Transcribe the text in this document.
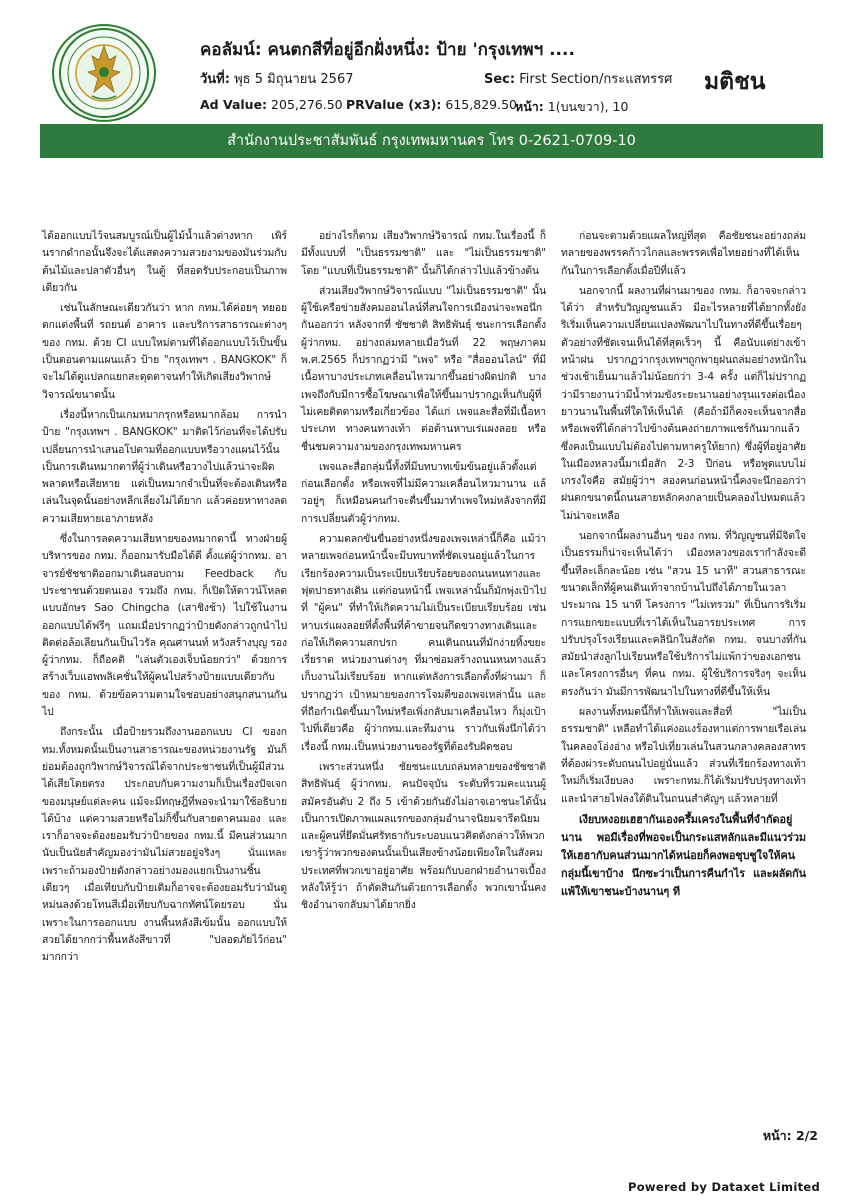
คอลัมน์: คนตกสีที่อยู่อีกฝั่งหนึ่ง: ป้าย 'กรุงเทพฯ ....
วันที่: พุธ 5 มิถุนายน 2567	Sec: First Section/กระแสทรรศ
Ad Value: 205,276.50 PRValue (x3): 615,829.50
หน้า: 1(บนขวา), 10
มติชน
สำนักงานประชาสัมพันธ์ กรุงเทพมหานคร โทร 0-2621-0709-10

ได้ออกแบบไว้จนสมบูรณ์เป็นผู้ไม้น้ำแล้วต่างหาก เพิร์นรากดำกอนั้นจึงจะได้แสดงความสวยงามของมันร่วมกับต้นไม้และปลาตัวอื่นๆ ในตู้ ที่สอดรับประกอบเป็นภาพเดียวกัน

เช่นในลักษณะเดียวกันว่า หาก กทม.ได้ค่อยๆ ทยอยตกแต่งพื้นที่ รถยนต์ อาคาร และบริการสาธารณะต่างๆ ของ กทม. ด้วย CI แบบใหม่ตามที่ได้ออกแบบไว้เป็นขั้นเป็นตอนตามแผนแล้ว ป้าย "กรุงเทพฯ . BANGKOK" ก็จะไม่ได้ดูแปลกแยกสะดุดตาจนทำให้เกิดเสียงวิพากษ์วิจารณ์ขนาดนั้น

เรื่องนี้หากเป็นเกมหมากรุกหรือหมากล้อม การนำป้าย "กรุงเทพฯ . BANGKOK" มาติดไว้ก่อนที่จะได้ปรับเปลี่ยนการนำเสนอโปตามที่ออกแบบหรือวางแผนไว้นั้น เป็นการเดินหมากตาที่ผู้ว่าเดินหรือวางไปแล้วน่าจะผิดพลาดหรือเสียหาย แต่เป็นหมากจำเป็นที่จะต้องเดินหรือเล่นในจุดนั้นอย่างหลีกเลี่ยงไม่ได้ยาก แล้วค่อยหาทางลดความเสียหายเอาภายหลัง

ซึ่งในการลดความเสียหายของหมากตานี้ ทางฝ่ายผู้บริหารของ กทม. ก็ออกมารับมือได้ดี ตั้งแต่ผู้ว่ากทม. อาจารย์ชัชชาติออกมาเดินสอบถาม Feedback กับประชาชนด้วยตนเอง รวมถึง กทม. ก็เปิดให้ดาวน์โหลดแบบอักษร Sao Chingcha (เสาชิงช้า) ไปใช้ในงานออกแบบได้ฟรีๆ แถมเมื่อปรากฏว่าป้ายดังกล่าวถูกนำไปติดต่อล้อเลียนกันเป็นไวรัล คุณศานนท์ หวังสร้างบุญ รองผู้ว่ากทม. ก็ถือคติ "เล่นตัวเองเจ็บน้อยกว่า" ด้วยการสร้างเว็บแอพพลิเคชั่นให้ผู้คนไปสร้างป้ายแบบเดียวกับของ กทม. ด้วยข้อความตามใจชอบอย่างสนุกสนานกันไป

ถึงกระนั้น เมื่อป้ายรวมถึงงานออกแบบ CI ของกทม.ทั้งหมดนั้นเป็นงานสาธารณะของหน่วยงานรัฐ มันก็ย่อมต้องถูกวิพากษ์วิจารณ์ได้จากประชาชนที่เป็นผู้มีส่วนได้เสียโดยตรง ประกอบกับความงามก็เป็นเรื่องปัจเจกของมนุษย์แต่ละคน แม้จะมีทฤษฎีที่พอจะนำมาใช้อธิบายได้บ้าง แต่ความสวยหรือไม่ก็ขึ้นกับสายตาคนมอง และเราก็อาจจะต้องยอมรับว่าป้ายของ กทม.นี้ มีคนส่วนมากนับเป็นนัยสำคัญมองว่ามันไม่สวยอยู่จริงๆ นั่นแหละ เพราะถ้ามองป้ายดังกล่าวอย่างมองแยกเป็นงานชิ้นเดียวๆ เมื่อเทียบกับป้ายเดิมก็อาจจะต้องยอมรับว่ามันดูหม่นลงด้วยโทนสีเมื่อเทียบกับฉากทัศน์โดยรอบ นั่นเพราะในการออกแบบ งานพื้นหลังสีเข้มนั้น ออกแบบให้สวยได้ยากกว่าพื้นหลังสีขาวที่ "ปลอดภัยไว้ก่อน" มากกว่า

อย่างไรก็ตาม เสียงวิพากษ์วิจารณ์ กทม.ในเรื่องนี้ ก็มีทั้งแบบที่ "เป็นธรรมชาติ" และ "ไม่เป็นธรรมชาติ" โดย "แบบที่เป็นธรรมชาติ" นั้นก็ได้กล่าวไปแล้วข้างต้น

ส่วนเสียงวิพากษ์วิจารณ์แบบ "ไม่เป็นธรรมชาติ" นั้น ผู้ใช้เครือข่ายสังคมออนไลน์ที่สนใจการเมืองน่าจะพอนึกกันออกว่า หลังจากที่ ชัชชาติ สิทธิพันธุ์ ชนะการเลือกตั้งผู้ว่ากทม. อย่างถล่มทลายเมื่อวันที่ 22 พฤษภาคม พ.ศ.2565 ก็ปรากฏว่ามี "เพจ" หรือ "สื่อออนไลน์" ที่มีเนื้อหาบางประเภทเคลื่อนไหวมากขึ้นอย่างผิดปกติ บางเพจถึงกับมีการซื้อโฆษณาเพื่อให้ขึ้นมาปรากฏเห็นกับผู้ที่ไม่เคยติดตามหรือเกี่ยวข้อง ได้แก่ เพจและสื่อที่มีเนื้อหาประเภท ทางคนทางเท้า ต่อต้านหาบเร่แผงลอย หรือชื่นชมความงามของกรุงเทพมหานคร

เพจและสื่อกลุ่มนี้ทั้งที่มีบทบาทเข้มข้นอยู่แล้วตั้งแต่ก่อนเลือกตั้ง หรือเพจที่ไม่มีความเคลื่อนไหวมานาน แล้วอยู่ๆ ก็เหมือนคนกำจะตื่นขึ้นมาทำเพจใหม่หลังจากที่มีการเปลี่ยนตัวผู้ว่ากทม.

ความตลกขันขื่นอย่างหนึ่งของเพจเหล่านี้ก็คือ แม้ว่าหลายเพจก่อนหน้านี้จะมีบทบาทที่ชัดเจนอยู่แล้วในการเรียกร้องความเป็นระเบียบเรียบร้อยของถนนหนทางและฟุตปาธทางเดิน แต่ก่อนหน้านี้ เพจเหล่านั้นก็มักพุ่งเป้าไปที่ "ผู้คน" ที่ทำให้เกิดความไม่เป็นระเบียบเรียบร้อย เช่นหาบเร่แผงลอยที่ตั้งพื้นที่ค้าขายจนกีดขวางทางเดินและก่อให้เกิดความสกปรก คนเดินถนนที่มักง่ายทิ้งขยะเรี่ยราด หน่วยงานต่างๆ ที่มาซ่อมสร้างถนนหนทางแล้วเก็บงานไม่เรียบร้อย หากแต่หลังการเลือกตั้งที่ผ่านมา ก็ปรากฏว่า เป้าหมายของการโจมตีของเพจเหล่านั้น และที่ถือกำเนิดขึ้นมาใหม่หรือเพิ่งกลับมาเคลื่อนไหว ก็มุ่งเป้าไปที่เดียวคือ ผู้ว่ากทม.และทีมงาน ราวกับเพิ่งนึกได้ว่า เรื่องนี้ กทม.เป็นหน่วยงานของรัฐที่ต้องรับผิดชอบ

เพราะส่วนหนึ่ง ชัยชนะแบบถล่มทลายของชัชชาติ สิทธิพันธุ์ ผู้ว่ากทม. คนปัจจุบัน ระดับที่รวมคะแนนผู้สมัครอันดับ 2 ถึง 5 เข้าด้วยกันยังไม่อาจเอาชนะได้นั้น เป็นการเปิดภาพแผลแรกของกลุ่มอำนาจนิยมจารีตนิยม และผู้คนที่ยึดมั่นศรัทธากับระบอบแนวคิดดังกล่าวให้พวกเขารู้ว่าพวกของตนนั้นเป็นเสียงข้างน้อยเพียงใดในสังคมประเทศที่พวกเขาอยู่อาศัย พร้อมกับบอกฝ่ายอำนาจเบื้องหลังให้รู้ว่า ถ้าตัดสินกันด้วยการเลือกตั้ง พวกเขานั้นคงชิงอำนาจกลับมาได้ยากยิ่ง

ก่อนจะตามด้วยแผลใหญ่ที่สุด คือชัยชนะอย่างถล่มทลายของพรรคก้าวไกลและพรรคเพื่อไทยอย่างที่ได้เห็นกันในการเลือกตั้งเมื่อปีที่แล้ว

นอกจากนี้ ผลงานที่ผ่านมาของ กทม. ก็อาจจะกล่าวได้ว่า สำหรับวิญญูชนแล้ว มีอะไรหลายที่ได้ยากทั้งยังริเริ่มเห็นความเปลี่ยนแปลงพัฒนาไปในทางที่ดีขึ้นเรื่อยๆ ตัวอย่างที่ชัดเจนเห็นได้ที่สุดเร็วๆ นี้ คือนับแต่ย่างเข้าหน้าฝน ปรากฏว่ากรุงเทพฯถูกพายุฝนถล่มอย่างหนักในช่วงเช้าเย็นมาแล้วไม่น้อยกว่า 3-4 ครั้ง แต่ก็ไม่ปรากฏว่ามีรายงานว่ามีน้ำท่วมขังระยะนานอย่างรุนแรงต่อเนื่องยาวนานในพื้นที่ใดให้เห็นได้ (คือถ้ามีก็คงจะเห็นจากสื่อหรือเพจที่ได้กล่าวไปข้างต้นคงถ่ายภาพแชร์กันมากแล้ว ซึ่งคงเป็นแบบไม่ต้องไปตามหาครูให้ยาก) ซึ่งผู้ที่อยู่อาศัยในเมืองหลวงนี้มาเมื่อสัก 2-3 ปีก่อน หรือพูดแบบไม่เกรงใจคือ สมัยผู้ว่าฯ สองคนก่อนหน้านี้คงจะนึกออกว่าฝนตกขนาดนี้ถนนสายหลักคงกลายเป็นคลองไปหมดแล้วไม่น่าจะเหลือ

นอกจากนี้ผลงานอื่นๆ ของ กทม. ที่วิญญูชนที่มีจิตใจเป็นธรรมก็น่าจะเห็นได้ว่า เมืองหลวงของเรากำลังจะดีขึ้นทีละเล็กละน้อย เช่น "สวน 15 นาที" สวนสาธารณะขนาดเล็กที่ผู้คนเดินเท้าจากบ้านไปถึงได้ภายในเวลาประมาณ 15 นาที โครงการ "ไม่เทรวม" ที่เป็นการริเริ่มการแยกขยะแบบที่เราได้เห็นในอารยประเทศ การปรับปรุงโรงเรียนและคลินิกในสังกัด กทม. จนบางที่กันสมัยนำส่งลูกไปเรียนหรือใช้บริการไม่แพ้กว่าของเอกชน และโครงการอื่นๆ ที่คน กทม. ผู้ใช้บริการจริงๆ จะเห็นตรงกันว่า มันมีการพัฒนาไปในทางที่ดีขึ้นให้เห็น

ผลงานทั้งหมดนี้ก็ทำให้เพจและสื่อที่ "ไม่เป็นธรรมชาติ" เหลือทำได้แค่งอแงร้องหาแต่การพายเรือเล่นในคลองโอ่งอ่าง หรือไปเที่ยวเล่นในสวนกลางคลองสาทรที่ต้องผ่าระดับถนนไปอยู่นั่นแล้ว ส่วนที่เรียกร้องทางเท้าใหม่ก็เริ่มเงียบลง เพราะกทม.ก็ได้เริ่มปรับปรุงทางเท้าและนำสายไฟลงใต้ดินในถนนสำคัญๆ แล้วหลายที่

เงียบหงอยเฮฮากันเองครึ้มเครงในพื้นที่จำกัดอยู่นาน พอมีเรื่องที่พอจะเป็นกระแสหลักและมีแนวร่วมให้เฮฮากับคนส่วนมากได้หน่อยก็คงพอชุบชูใจให้คนกลุ่มนี้เขาบ้าง นึกซะว่าเป็นการคืนกำไร และผลัดกันแพ้ให้เขาชนะบ้างนานๆ ที

หน้า: 2/2
Powered by Dataxet Limited
